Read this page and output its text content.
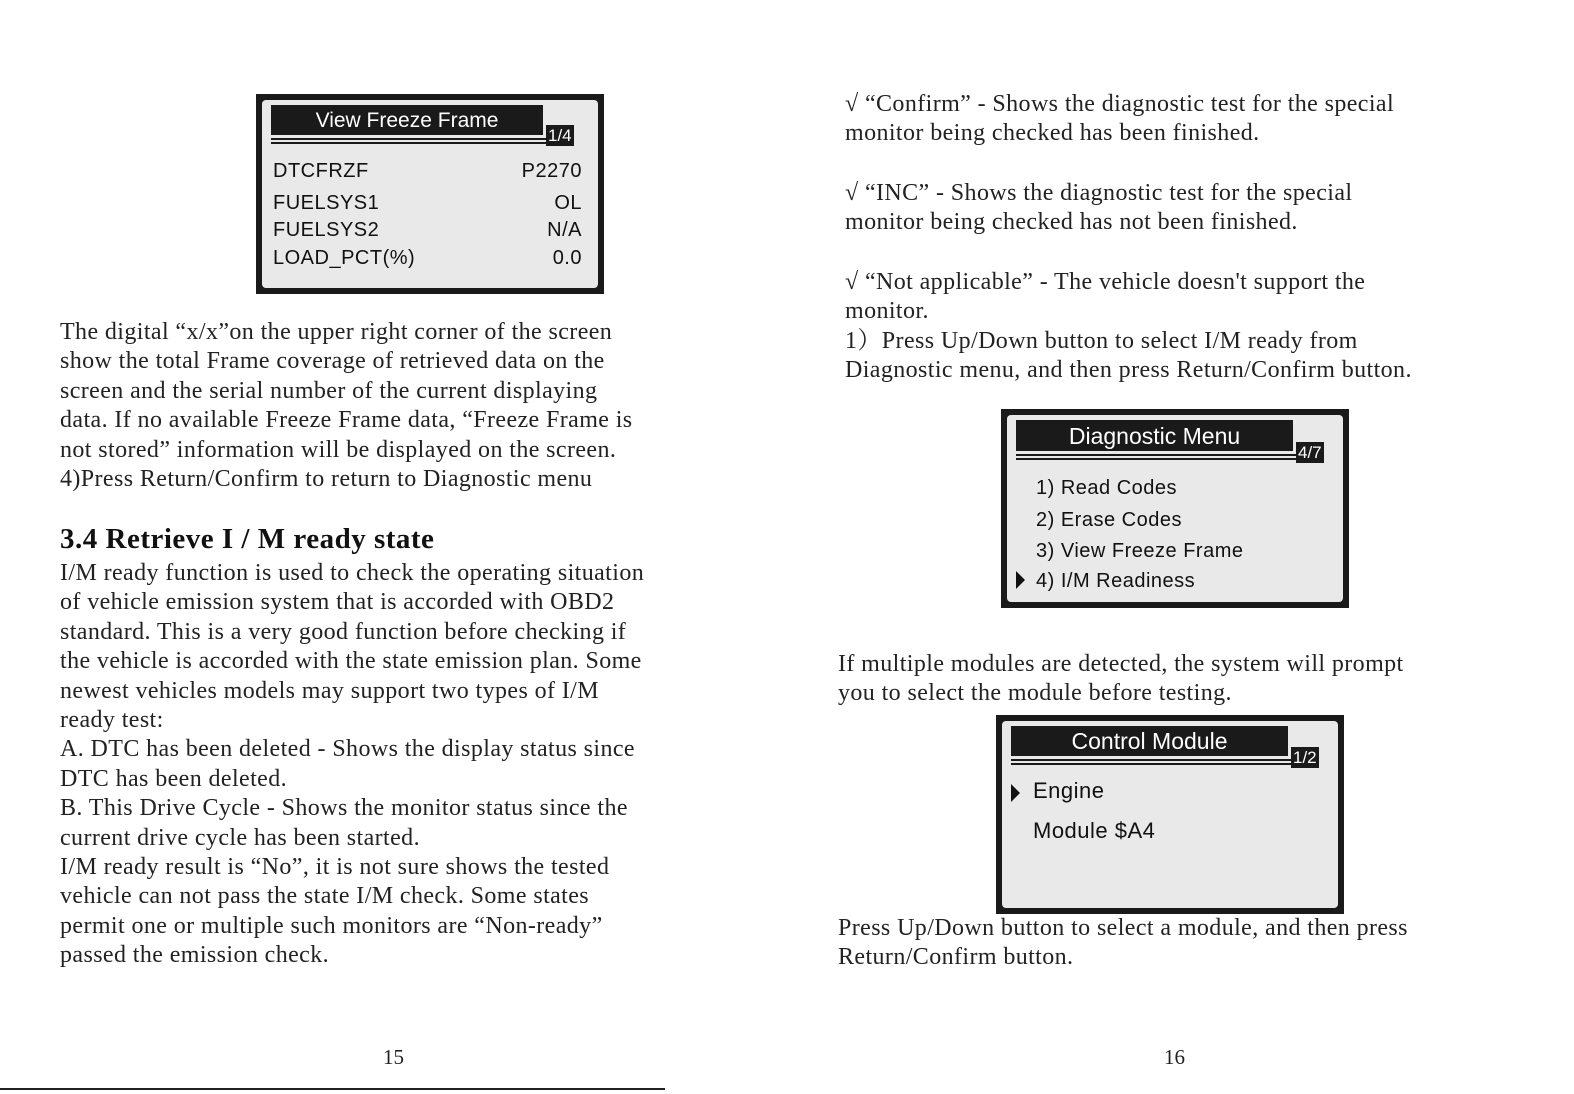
View Freeze Frame
1/4
DTCFRZF	P2270
FUELSYS1	OL
FUELSYS2	N/A
LOAD_PCT(%)	0.0
The digital “x/x”on the upper right corner of the screen
show the total Frame coverage of retrieved data on the
screen and the serial number of the current displaying
data. If no available Freeze Frame data, “Freeze Frame is
not stored” information will be displayed on the screen.
4)Press Return/Confirm to return to Diagnostic menu
3.4 Retrieve I / M ready state
I/M ready function is used to check the operating situation
of vehicle emission system that is accorded with OBD2
standard. This is a very good function before checking if
the vehicle is accorded with the state emission plan. Some
newest vehicles models may support two types of I/M
ready test:
A. DTC has been deleted - Shows the display status since
DTC has been deleted.
B. This Drive Cycle - Shows the monitor status since the
current drive cycle has been started.
I/M ready result is “No”, it is not sure shows the tested
vehicle can not pass the state I/M check. Some states
permit one or multiple such monitors are “Non-ready”
passed the emission check.
15
√ “Confirm” - Shows the diagnostic test for the special
monitor being checked has been finished.
√ “INC” - Shows the diagnostic test for the special
monitor being checked has not been finished.
√ “Not applicable” - The vehicle doesn't support the
monitor.
1）Press Up/Down button to select I/M ready from
Diagnostic menu, and then press Return/Confirm button.
Diagnostic Menu
4/7
1) Read Codes
2) Erase Codes
3) View Freeze Frame
4) I/M Readiness
If multiple modules are detected, the system will prompt
you to select the module before testing.
Control Module
1/2
Engine
Module $A4
Press Up/Down button to select a module, and then press
Return/Confirm button.
16
